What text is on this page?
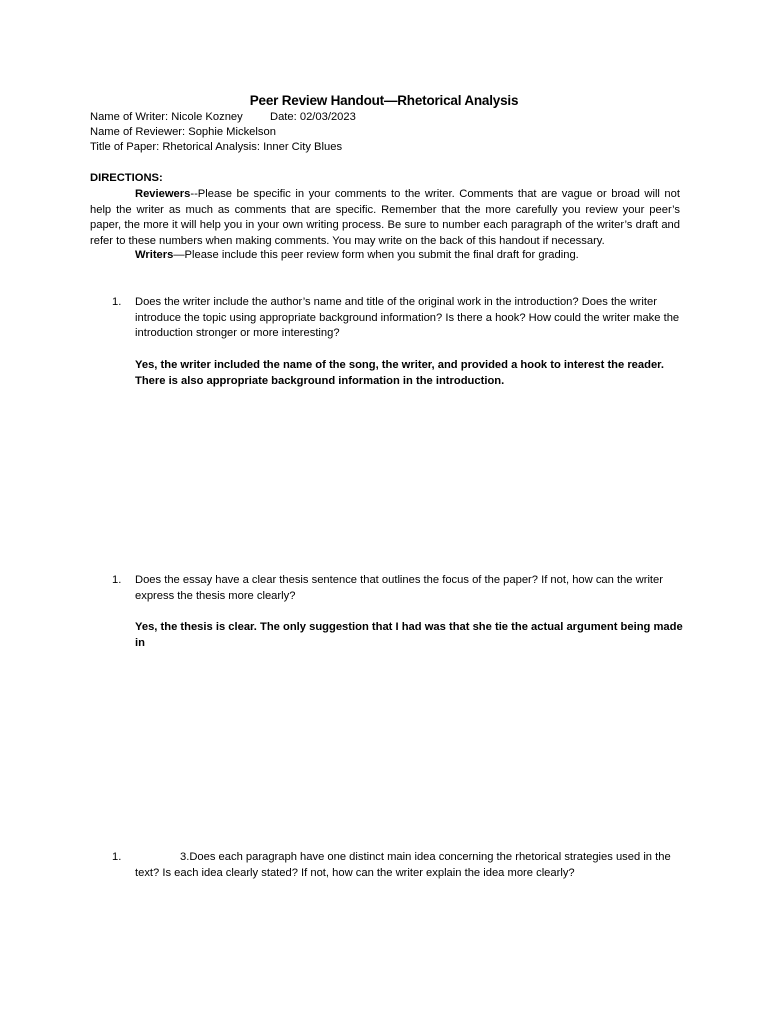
Peer Review Handout—Rhetorical Analysis
Name of Writer: Nicole Kozney Date: 02/03/2023
Name of Reviewer: Sophie Mickelson
Title of Paper: Rhetorical Analysis: Inner City Blues
DIRECTIONS:
Reviewers--Please be specific in your comments to the writer. Comments that are vague or broad will not help the writer as much as comments that are specific. Remember that the more carefully you review your peer’s paper, the more it will help you in your own writing process. Be sure to number each paragraph of the writer’s draft and refer to these numbers when making comments. You may write on the back of this handout if necessary.
Writers—Please include this peer review form when you submit the final draft for grading.
1. Does the writer include the author’s name and title of the original work in the introduction? Does the writer introduce the topic using appropriate background information? Is there a hook? How could the writer make the introduction stronger or more interesting?
Yes, the writer included the name of the song, the writer, and provided a hook to interest the reader. There is also appropriate background information in the introduction.
1. Does the essay have a clear thesis sentence that outlines the focus of the paper? If not, how can the writer express the thesis more clearly?
Yes, the thesis is clear. The only suggestion that I had was that she tie the actual argument being made in
1.	3.Does each paragraph have one distinct main idea concerning the rhetorical strategies used in the text? Is each idea clearly stated? If not, how can the writer explain the idea more clearly?
